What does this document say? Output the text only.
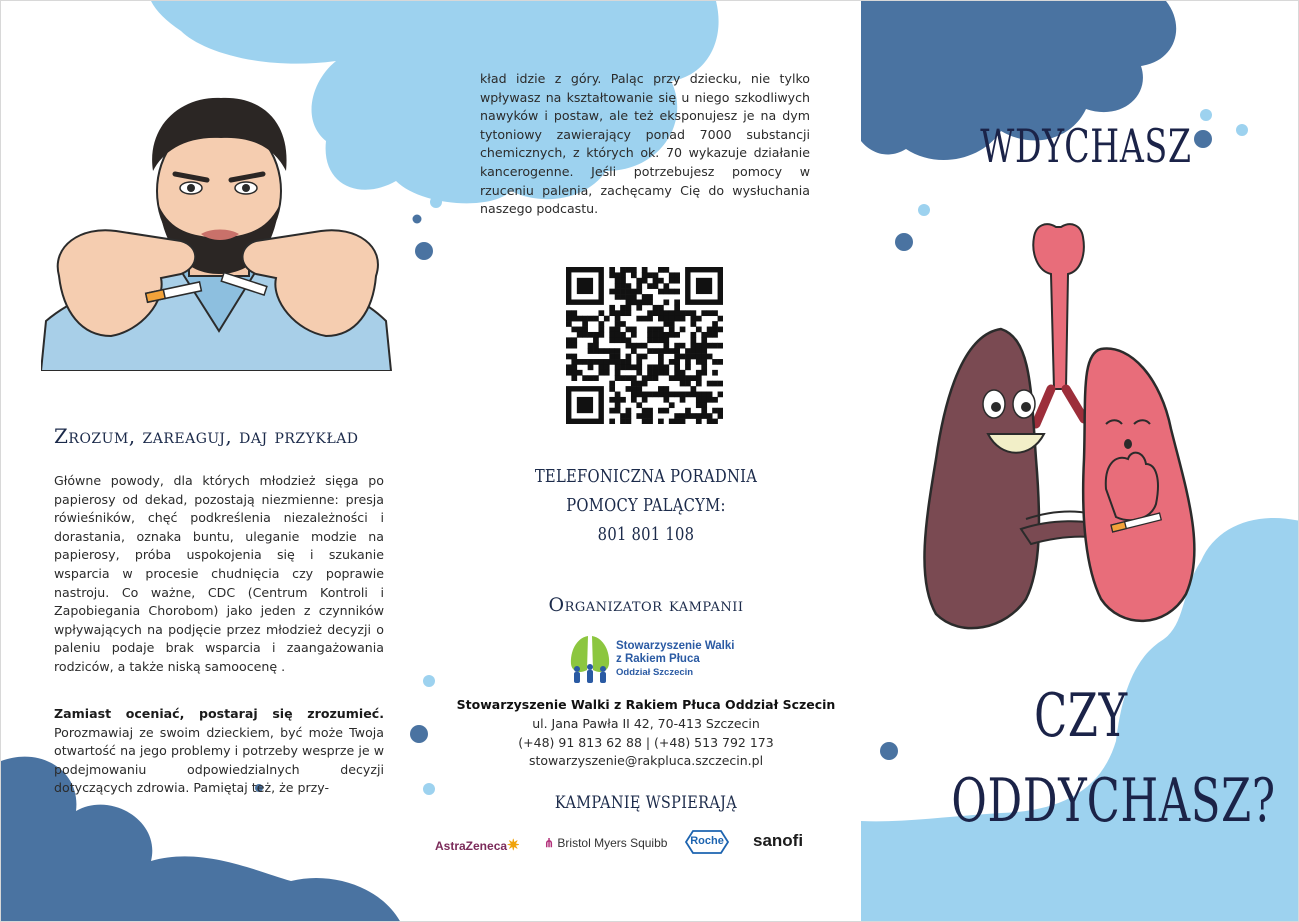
Zrozum, zareaguj, daj przykład

Główne powody, dla których młodzież sięga po papierosy od dekad, pozostają niezmienne: presja rówieśników, chęć podkreślenia niezależności i dorastania, oznaka buntu, uleganie modzie na papierosy, próba uspokojenia się i szukanie wsparcia w procesie chudnięcia czy poprawie nastroju. Co ważne, CDC (Centrum Kontroli i Zapobiegania Chorobom) jako jeden z czynników wpływających na podjęcie przez młodzież decyzji o paleniu podaje brak wsparcia i zaangażowania rodziców, a także niską samoocenę .

Zamiast oceniać, postaraj się zrozumieć. Porozmawiaj ze swoim dzieckiem, być może Twoja otwartość na jego problemy i potrzeby wesprze je w podejmowaniu odpowiedzialnych decyzji dotyczących zdrowia. Pamiętaj też, że przy-

kład idzie z góry. Paląc przy dziecku, nie tylko wpływasz na kształtowanie się u niego szkodliwych nawyków i postaw, ale też eksponujesz je na dym tytoniowy zawierający ponad 7000 substancji chemicznych, z których ok. 70 wykazuje działanie kancerogenne. Jeśli potrzebujesz pomocy w rzuceniu palenia, zachęcamy Cię do wysłuchania naszego podcastu.

TELEFONICZNA PORADNIA
POMOCY PALĄCYM:
801 801 108
Organizator kampanii
Stowarzyszenie Walki
z Rakiem Płuca
Oddział Szczecin
Stowarzyszenie Walki z Rakiem Płuca Oddział Sczecin
ul. Jana Pawła II 42, 70-413 Szczecin
(+48) 91 813 62 88 | (+48) 513 792 173
stowarzyszenie@rakpluca.szczecin.pl
KAMPANIĘ WSPIERAJĄ
AstraZeneca✷ ⋔ Bristol Myers Squibb	Roche	sanofi
WDYCHASZ
CZY
ODDYCHASZ?
